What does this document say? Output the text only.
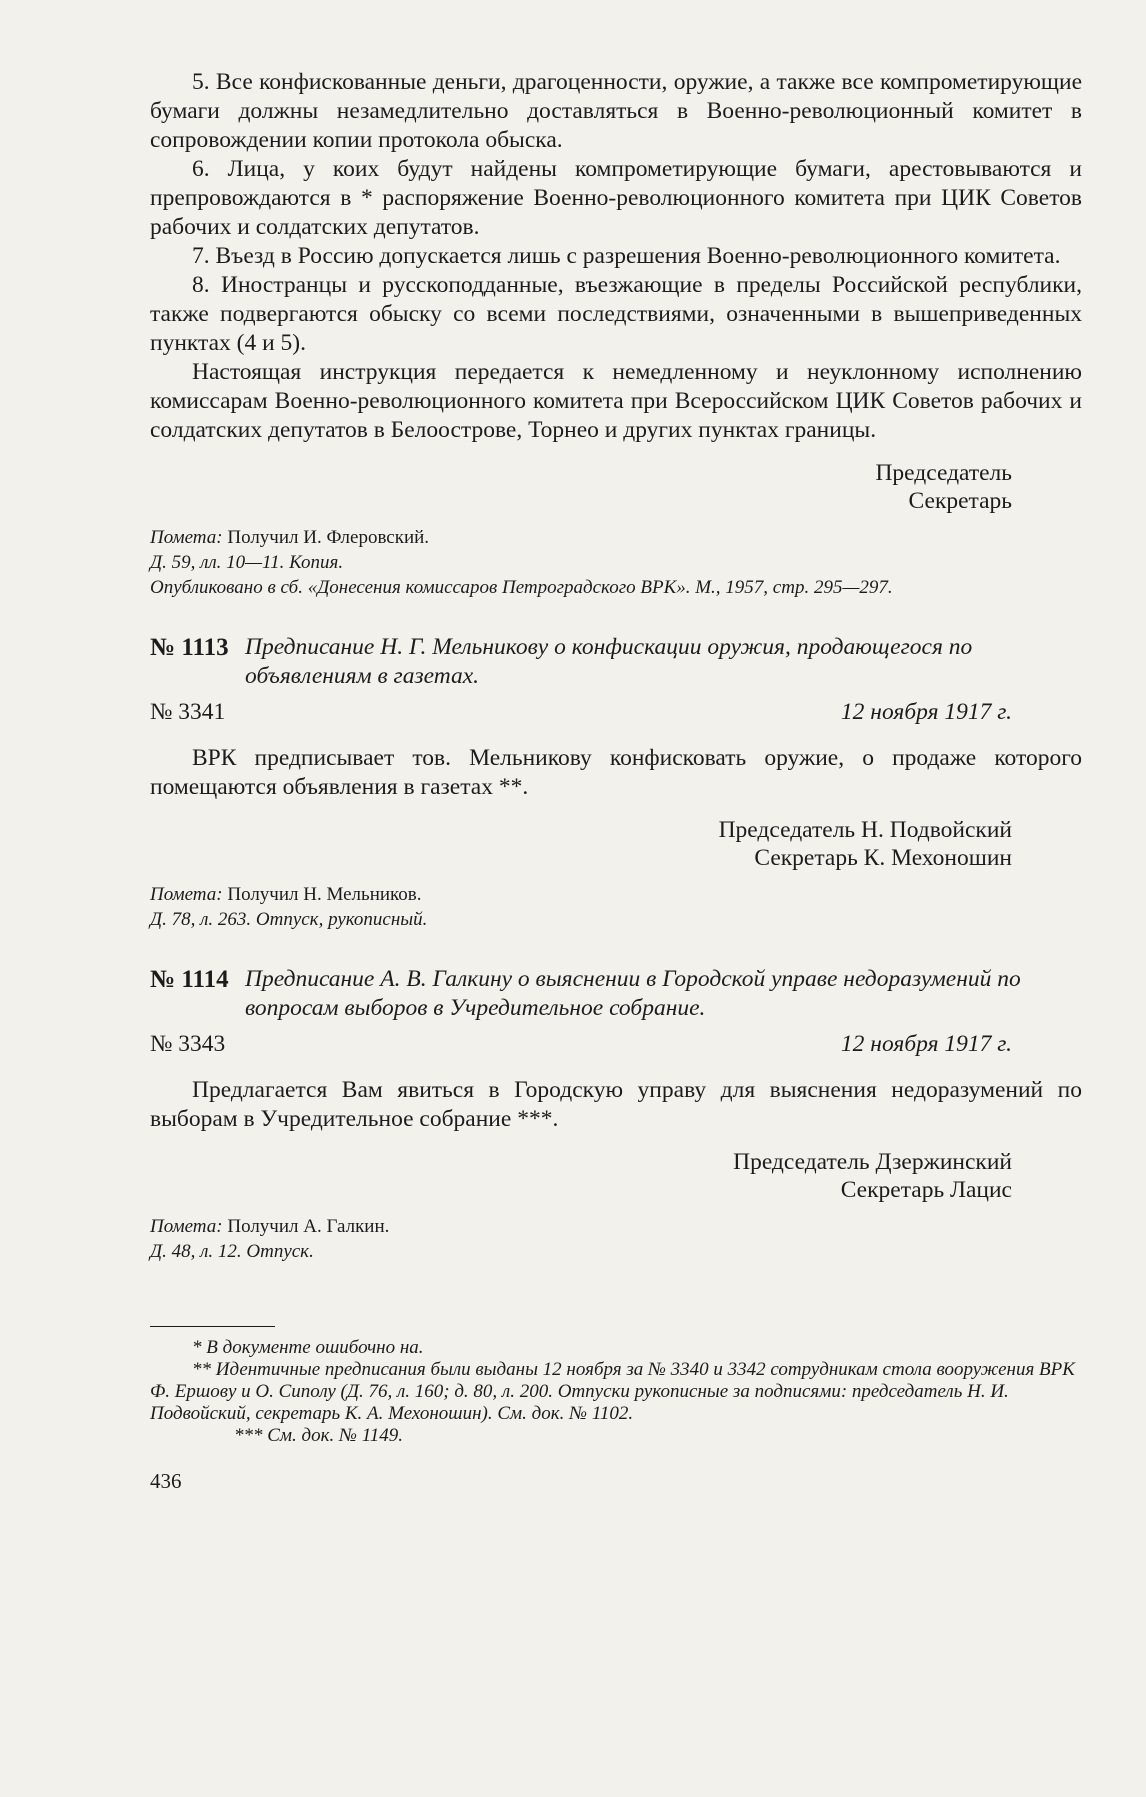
5. Все конфискованные деньги, драгоценности, оружие, а также все компрометирующие бумаги должны незамедлительно доставляться в Военно-революционный комитет в сопровождении копии протокола обыска.

6. Лица, у коих будут найдены компрометирующие бумаги, арестовываются и препровождаются в * распоряжение Военно-революционного комитета при ЦИК Советов рабочих и солдатских депутатов.

7. Въезд в Россию допускается лишь с разрешения Военно-революционного комитета.

8. Иностранцы и русскоподданные, въезжающие в пределы Российской республики, также подвергаются обыску со всеми последствиями, означенными в вышеприведенных пунктах (4 и 5).

Настоящая инструкция передается к немедленному и неуклонному исполнению комиссарам Военно-революционного комитета при Всероссийском ЦИК Советов рабочих и солдатских депутатов в Белоострове, Торнео и других пунктах границы.

Председатель

Секретарь

Помета: Получил И. Флеровский.

Д. 59, лл. 10—11. Копия.

Опубликовано в сб. «Донесения комиссаров Петроградского ВРК». М., 1957, стр. 295—297.

№ 1113 Предписание Н. Г. Мельникову о конфискации оружия, продающегося по объявлениям в газетах.

№ 3341	12 ноября 1917 г.

ВРК предписывает тов. Мельникову конфисковать оружие, о продаже которого помещаются объявления в газетах **.

Председатель Н. Подвойский

Секретарь К. Мехоношин

Помета: Получил Н. Мельников.

Д. 78, л. 263. Отпуск, рукописный.

№ 1114 Предписание А. В. Галкину о выяснении в Городской управе недоразумений по вопросам выборов в Учредительное собрание.

№ 3343	12 ноября 1917 г.

Предлагается Вам явиться в Городскую управу для выяснения недоразумений по выборам в Учредительное собрание ***.

Председатель Дзержинский

Секретарь Лацис

Помета: Получил А. Галкин.

Д. 48, л. 12. Отпуск.

* В документе ошибочно на.

** Идентичные предписания были выданы 12 ноября за № 3340 и 3342 сотрудникам стола вооружения ВРК Ф. Ершову и О. Сиполу (Д. 76, л. 160; д. 80, л. 200. Отпуски рукописные за подписями: председатель Н. И. Подвойский, секретарь К. А. Мехоношин). См. док. № 1102.

*** См. док. № 1149.

436
